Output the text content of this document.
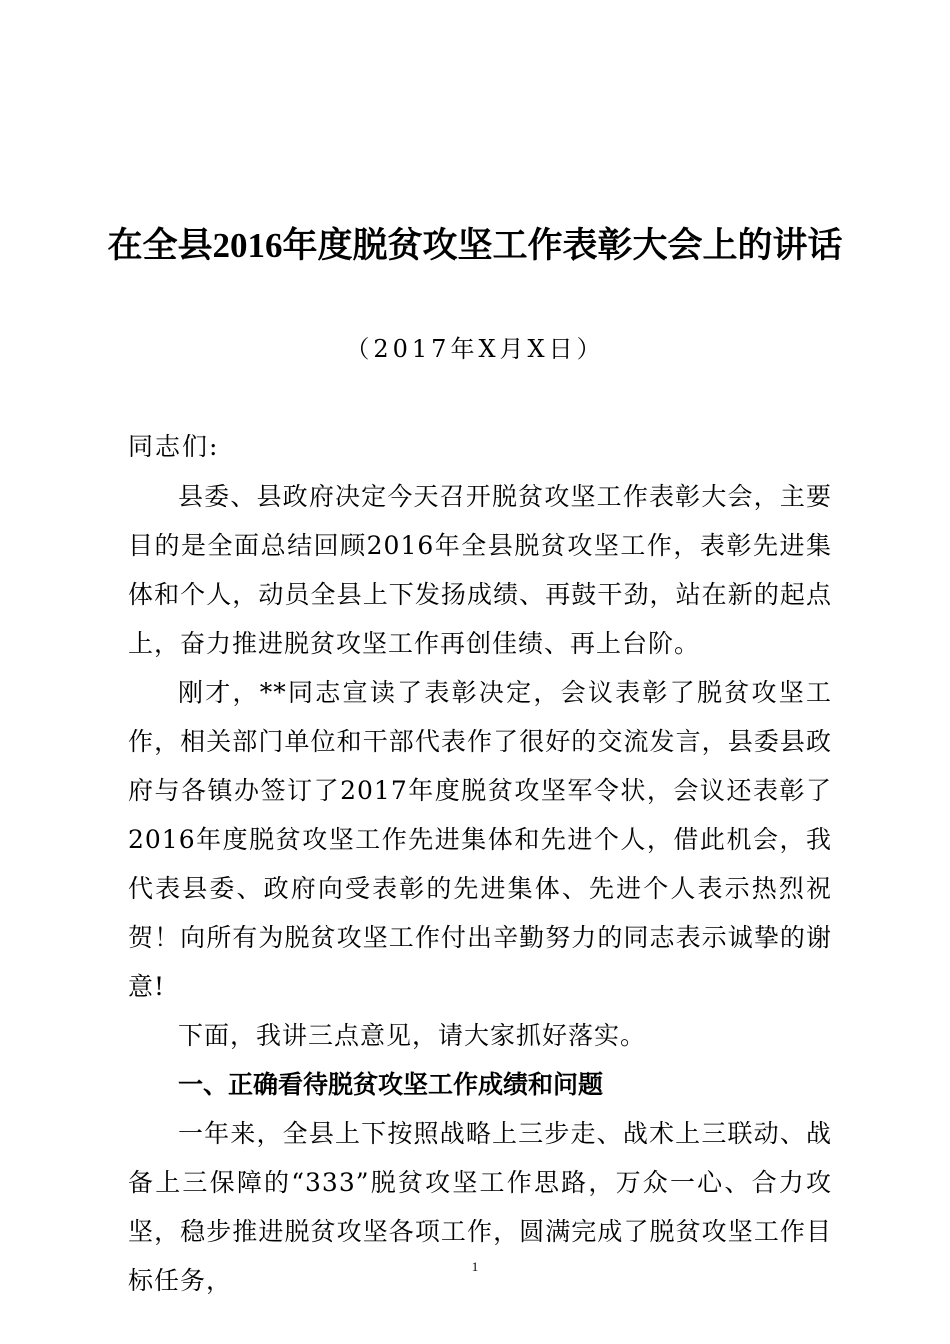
在全县2016年度脱贫攻坚工作表彰大会上的讲话
（2017年X月X日）
同志们:

县委、县政府决定今天召开脱贫攻坚工作表彰大会，主要目的是全面总结回顾2016年全县脱贫攻坚工作，表彰先进集体和个人，动员全县上下发扬成绩、再鼓干劲，站在新的起点上，奋力推进脱贫攻坚工作再创佳绩、再上台阶。

刚才，**同志宣读了表彰决定，会议表彰了脱贫攻坚工作，相关部门单位和干部代表作了很好的交流发言，县委县政府与各镇办签订了2017年度脱贫攻坚军令状，会议还表彰了2016年度脱贫攻坚工作先进集体和先进个人，借此机会，我代表县委、政府向受表彰的先进集体、先进个人表示热烈祝贺！向所有为脱贫攻坚工作付出辛勤努力的同志表示诚挚的谢意!

下面，我讲三点意见，请大家抓好落实。

一、正确看待脱贫攻坚工作成绩和问题

一年来，全县上下按照战略上三步走、战术上三联动、战备上三保障的“333”脱贫攻坚工作思路，万众一心、合力攻坚，稳步推进脱贫攻坚各项工作，圆满完成了脱贫攻坚工作目标任务，	1
